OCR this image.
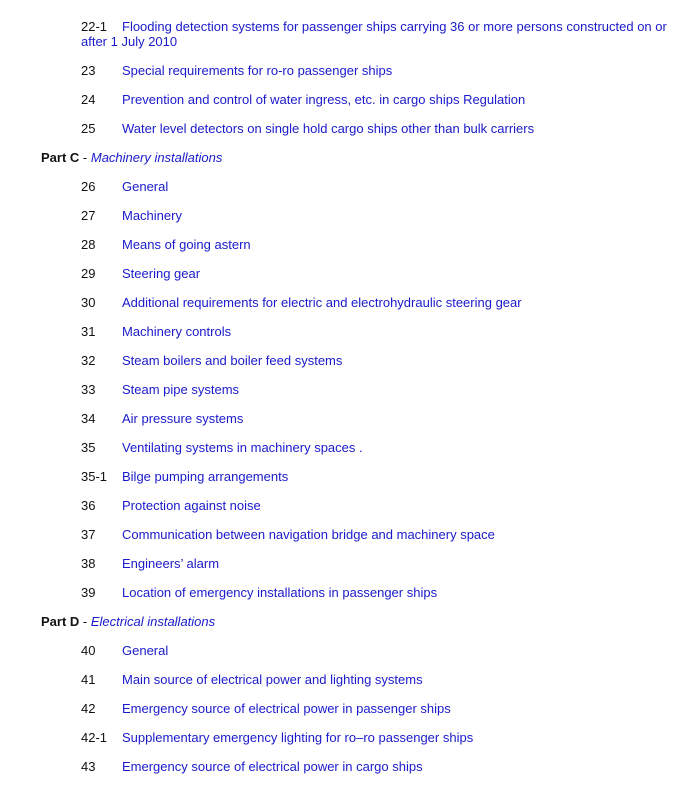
22-1 Flooding detection systems for passenger ships carrying 36 or more persons constructed on or
after 1 July 2010
23 Special requirements for ro-ro passenger ships
24 Prevention and control of water ingress, etc. in cargo ships Regulation
25 Water level detectors on single hold cargo ships other than bulk carriers
Part C - Machinery installations
26 General
27 Machinery
28 Means of going astern
29 Steering gear
30 Additional requirements for electric and electrohydraulic steering gear
31 Machinery controls
32 Steam boilers and boiler feed systems
33 Steam pipe systems
34 Air pressure systems
35 Ventilating systems in machinery spaces .
35-1 Bilge pumping arrangements
36 Protection against noise
37 Communication between navigation bridge and machinery space
38 Engineers’ alarm
39 Location of emergency installations in passenger ships
Part D - Electrical installations
40 General
41 Main source of electrical power and lighting systems
42 Emergency source of electrical power in passenger ships
42-1 Supplementary emergency lighting for ro–ro passenger ships
43 Emergency source of electrical power in cargo ships
